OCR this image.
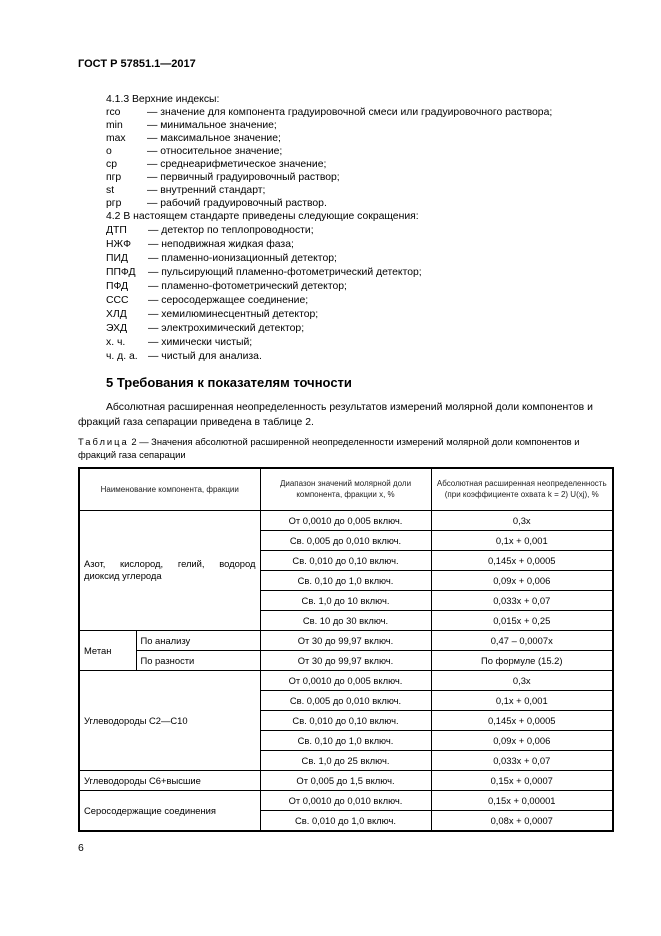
ГОСТ Р 57851.1—2017
4.1.3 Верхние индексы:
rco	— значение для компонента градуировочной смеси или градуировочного раствора;
min — минимальное значение;
max — максимальное значение;
o	— относительное значение;
cp	— среднеарифметическое значение;
пгр — первичный градуировочный раствор;
st	— внутренний стандарт;
ргр — рабочий градуировочный раствор.
4.2 В настоящем стандарте приведены следующие сокращения:
ДТП — детектор по теплопроводности;
НЖФ — неподвижная жидкая фаза;
ПИД — пламенно-ионизационный детектор;
ППФД — пульсирующий пламенно-фотометрический детектор;
ПФД — пламенно-фотометрический детектор;
ССС — серосодержащее соединение;
ХЛД — хемилюминесцентный детектор;
ЭХД — электрохимический детектор;
х. ч. — химически чистый;
ч. д. а. — чистый для анализа.
5 Требования к показателям точности
Абсолютная расширенная неопределенность результатов измерений молярной доли компонентов и фракций газа сепарации приведена в таблице 2.
Таблица 2 — Значения абсолютной расширенной неопределенности измерений молярной доли компонентов и фракций газа сепарации
Наименование компонента, фракции		Диапазон значений молярной доли компонента, фракции x, %	Абсолютная расширенная неопределенность (при коэффициенте охвата k = 2) U(xj), %
Азот, кислород, гелий, водород диоксид углерода		От 0,0010 до 0,005 включ.	0,3x
		Св. 0,005 до 0,010 включ.	0,1x + 0,001
		Св. 0,010 до 0,10 включ.	0,145x + 0,0005
		Св. 0,10 до 1,0 включ.	0,09x + 0,006
		Св. 1,0 до 10 включ.	0,033x + 0,07
		Св. 10 до 30 включ.	0,015x + 0,25
Метан	По анализу	От 30 до 99,97 включ.	0,47 – 0,0007x
	По разности	От 30 до 99,97 включ.	По формуле (15.2)
Углеводороды C2—C10		От 0,0010 до 0,005 включ.	0,3x
		Св. 0,005 до 0,010 включ.	0,1x + 0,001
		Св. 0,010 до 0,10 включ.	0,145x + 0,0005
		Св. 0,10 до 1,0 включ.	0,09x + 0,006
		Св. 1,0 до 25 включ.	0,033x + 0,07
Углеводороды C6+высшие		От 0,005 до 1,5 включ.	0,15x + 0,0007
Серосодержащие соединения		От 0,0010 до 0,010 включ.	0,15x + 0,00001
		Св. 0,010 до 1,0 включ.	0,08x + 0,0007
6
